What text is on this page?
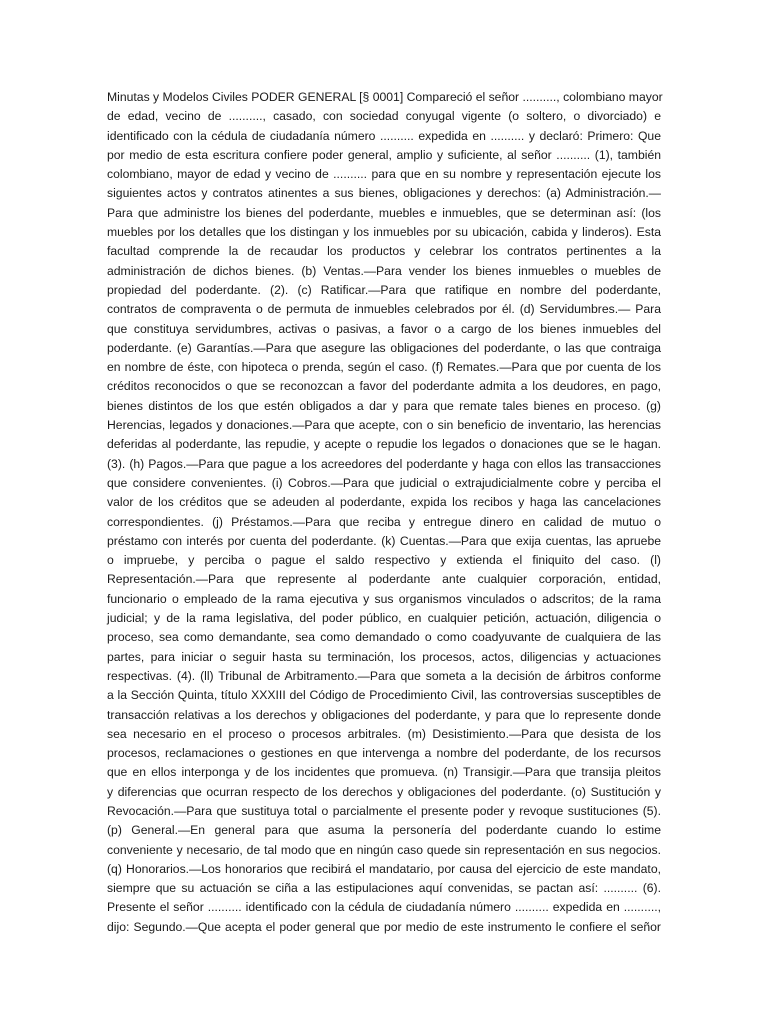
Minutas y Modelos Civiles PODER GENERAL [§ 0001] Compareció el señor .........., colombiano mayor
de edad, vecino de .........., casado, con sociedad conyugal vigente (o soltero, o divorciado) e
identificado con la cédula de ciudadanía número .......... expedida en .......... y declaró: Primero: Que
por medio de esta escritura confiere poder general, amplio y suficiente, al señor .......... (1), también
colombiano, mayor de edad y vecino de .......... para que en su nombre y representación ejecute los
siguientes actos y contratos atinentes a sus bienes, obligaciones y derechos: (a) Administración.—
Para que administre los bienes del poderdante, muebles e inmuebles, que se determinan así: (los
muebles por los detalles que los distingan y los inmuebles por su ubicación, cabida y linderos). Esta
facultad comprende la de recaudar los productos y celebrar los contratos pertinentes a la
administración de dichos bienes. (b) Ventas.—Para vender los bienes inmuebles o muebles de
propiedad del poderdante. (2). (c) Ratificar.—Para que ratifique en nombre del poderdante,
contratos de compraventa o de permuta de inmuebles celebrados por él. (d) Servidumbres.— Para
que constituya servidumbres, activas o pasivas, a favor o a cargo de los bienes inmuebles del
poderdante. (e) Garantías.—Para que asegure las obligaciones del poderdante, o las que contraiga
en nombre de éste, con hipoteca o prenda, según el caso. (f) Remates.—Para que por cuenta de los
créditos reconocidos o que se reconozcan a favor del poderdante admita a los deudores, en pago,
bienes distintos de los que estén obligados a dar y para que remate tales bienes en proceso. (g)
Herencias, legados y donaciones.—Para que acepte, con o sin beneficio de inventario, las herencias
deferidas al poderdante, las repudie, y acepte o repudie los legados o donaciones que se le hagan.
(3). (h) Pagos.—Para que pague a los acreedores del poderdante y haga con ellos las transacciones
que considere convenientes. (i) Cobros.—Para que judicial o extrajudicialmente cobre y perciba el
valor de los créditos que se adeuden al poderdante, expida los recibos y haga las cancelaciones
correspondientes. (j) Préstamos.—Para que reciba y entregue dinero en calidad de mutuo o
préstamo con interés por cuenta del poderdante. (k) Cuentas.—Para que exija cuentas, las apruebe
o impruebe, y perciba o pague el saldo respectivo y extienda el finiquito del caso. (l)
Representación.—Para que represente al poderdante ante cualquier corporación, entidad,
funcionario o empleado de la rama ejecutiva y sus organismos vinculados o adscritos; de la rama
judicial; y de la rama legislativa, del poder público, en cualquier petición, actuación, diligencia o
proceso, sea como demandante, sea como demandado o como coadyuvante de cualquiera de las
partes, para iniciar o seguir hasta su terminación, los procesos, actos, diligencias y actuaciones
respectivas. (4). (ll) Tribunal de Arbitramento.—Para que someta a la decisión de árbitros conforme
a la Sección Quinta, título XXXIII del Código de Procedimiento Civil, las controversias susceptibles de
transacción relativas a los derechos y obligaciones del poderdante, y para que lo represente donde
sea necesario en el proceso o procesos arbitrales. (m) Desistimiento.—Para que desista de los
procesos, reclamaciones o gestiones en que intervenga a nombre del poderdante, de los recursos
que en ellos interponga y de los incidentes que promueva. (n) Transigir.—Para que transija pleitos
y diferencias que ocurran respecto de los derechos y obligaciones del poderdante. (o) Sustitución y
Revocación.—Para que sustituya total o parcialmente el presente poder y revoque sustituciones (5).
(p) General.—En general para que asuma la personería del poderdante cuando lo estime
conveniente y necesario, de tal modo que en ningún caso quede sin representación en sus negocios.
(q) Honorarios.—Los honorarios que recibirá el mandatario, por causa del ejercicio de este mandato,
siempre que su actuación se ciña a las estipulaciones aquí convenidas, se pactan así: .......... (6).
Presente el señor .......... identificado con la cédula de ciudadanía número .......... expedida en ..........,
dijo: Segundo.—Que acepta el poder general que por medio de este instrumento le confiere el señor
